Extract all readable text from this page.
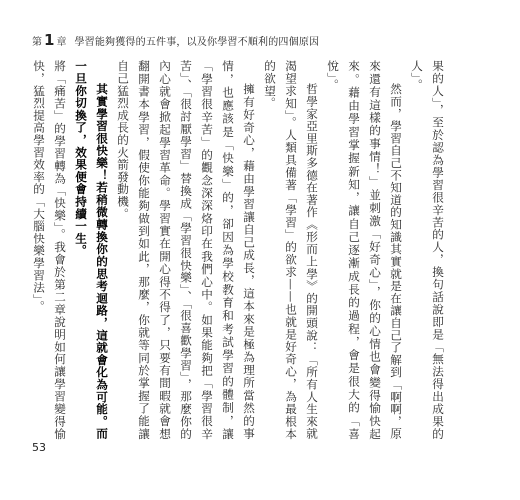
第 1 章 學習能夠獲得的五件事，以及你學習不順利的四個原因

果的人」，至於認為學習很辛苦的人，換句話說即是「無法得出成果的人」。

然而，學習自己不知道的知識其實就是在讓自己了解到「啊啊，原來還有這樣的事情！」並刺激「好奇心」，你的心情也會變得愉快起來。藉由學習掌握新知，讓自己逐漸成長的過程，會是很大的「喜悅」。

哲學家亞里斯多德在著作《形而上學》的開頭說：「所有人生來就渴望求知」。人類具備著「學習」的欲求——也就是好奇心，為最根本的欲望。

擁有好奇心，藉由學習讓自己成長，這本來是極為理所當然的事情，也應該是「快樂」的，卻因為學校教育和考試學習的體制，讓「學習很辛苦」的觀念深深烙印在我們心中。如果能夠把「學習很辛苦」、「很討厭學習」替換成「學習很快樂」、「很喜歡學習」，那麼你的內心就會掀起學習革命。學習實在開心得不得了，只要有間暇就會想翻開書本學習，假使你能夠做到如此，那麼，你就等同於掌握了能讓自己猛烈成長的火箭發動機。

其實學習很快樂！若稍微轉換你的思考迴路，這就會化為可能。而一旦你切換了，效果便會持續一生。

將「痛苦」的學習轉為「快樂」。我會於第二章說明如何讓學習變得愉快，猛烈提高學習效率的「大腦快樂學習法」。

53
